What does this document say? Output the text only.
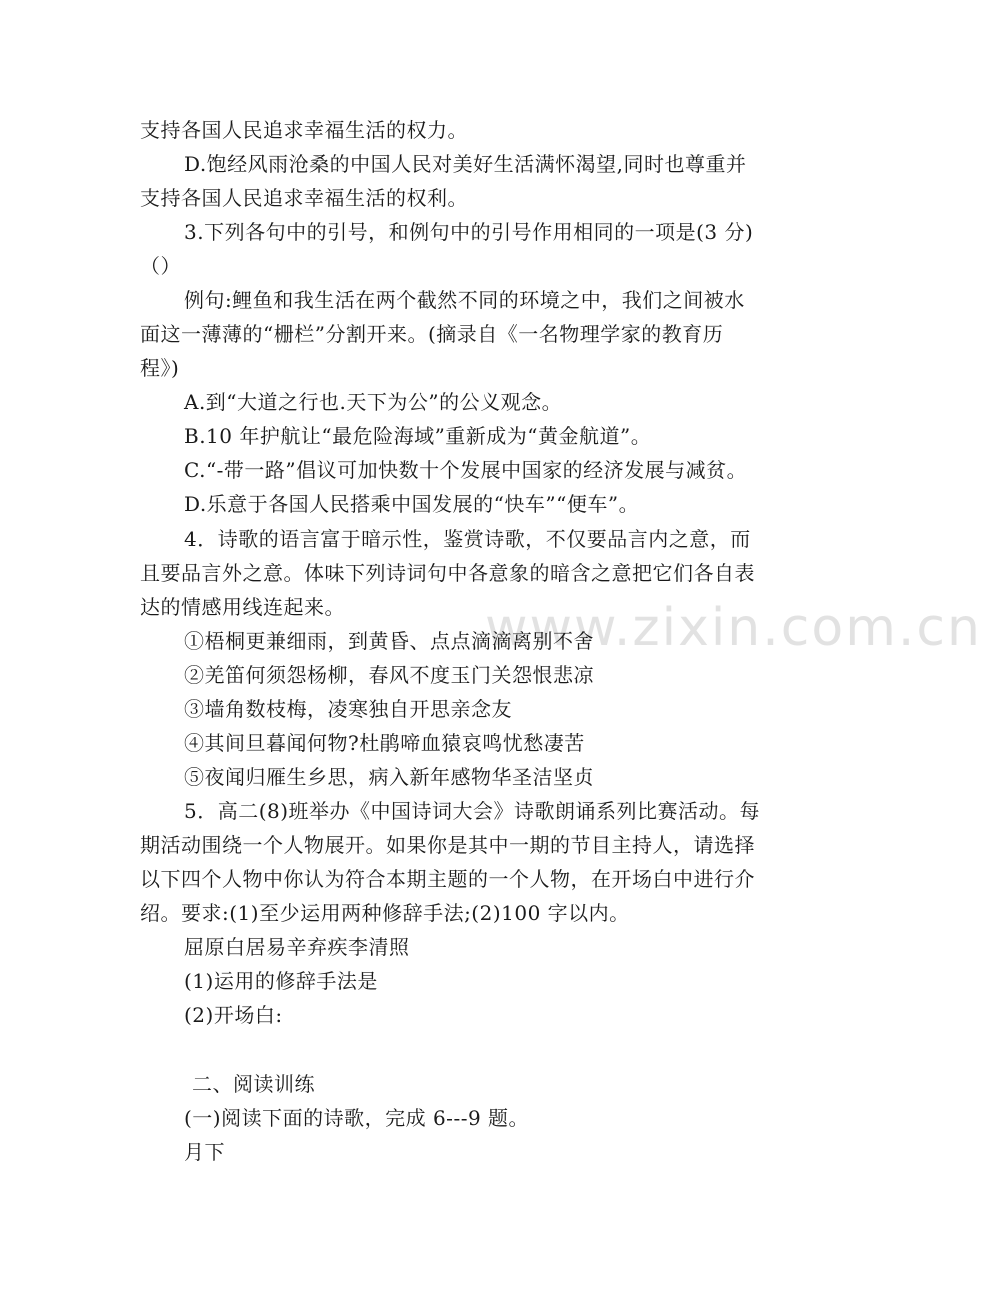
www.zixin.com.cn
支持各国人民追求幸福生活的权力。
D.饱经风雨沧桑的中国人民对美好生活满怀渴望,同时也尊重并
支持各国人民追求幸福生活的权利。
3.下列各句中的引号，和例句中的引号作用相同的一项是(3 分)
（）
例句:鲤鱼和我生活在两个截然不同的环境之中，我们之间被水
面这一薄薄的“栅栏”分割开来。(摘录自《一名物理学家的教育历
程》)
A.到“大道之行也.天下为公”的公义观念。
B.10 年护航让“最危险海域”重新成为“黄金航道”。
C.“-带一路”倡议可加快数十个发展中国家的经济发展与减贫。
D.乐意于各国人民搭乘中国发展的“快车”“便车”。
4．诗歌的语言富于暗示性，鉴赏诗歌，不仅要品言内之意，而
且要品言外之意。体味下列诗词句中各意象的暗含之意把它们各自表
达的情感用线连起来。
①梧桐更兼细雨，到黄昏、点点滴滴离别不舍
②羌笛何须怨杨柳，春风不度玉门关怨恨悲凉
③墙角数枝梅，凌寒独自开思亲念友
④其间旦暮闻何物?杜鹃啼血猿哀鸣忧愁凄苦
⑤夜闻归雁生乡思，病入新年感物华圣洁坚贞
5．高二(8)班举办《中国诗词大会》诗歌朗诵系列比赛活动。每
期活动围绕一个人物展开。如果你是其中一期的节目主持人，请选择
以下四个人物中你认为符合本期主题的一个人物，在开场白中进行介
绍。要求:(1)至少运用两种修辞手法;(2)100 字以内。
屈原白居易辛弃疾李清照
(1)运用的修辞手法是
(2)开场白:
二、阅读训练
(一)阅读下面的诗歌，完成 6---9 题。
月下
